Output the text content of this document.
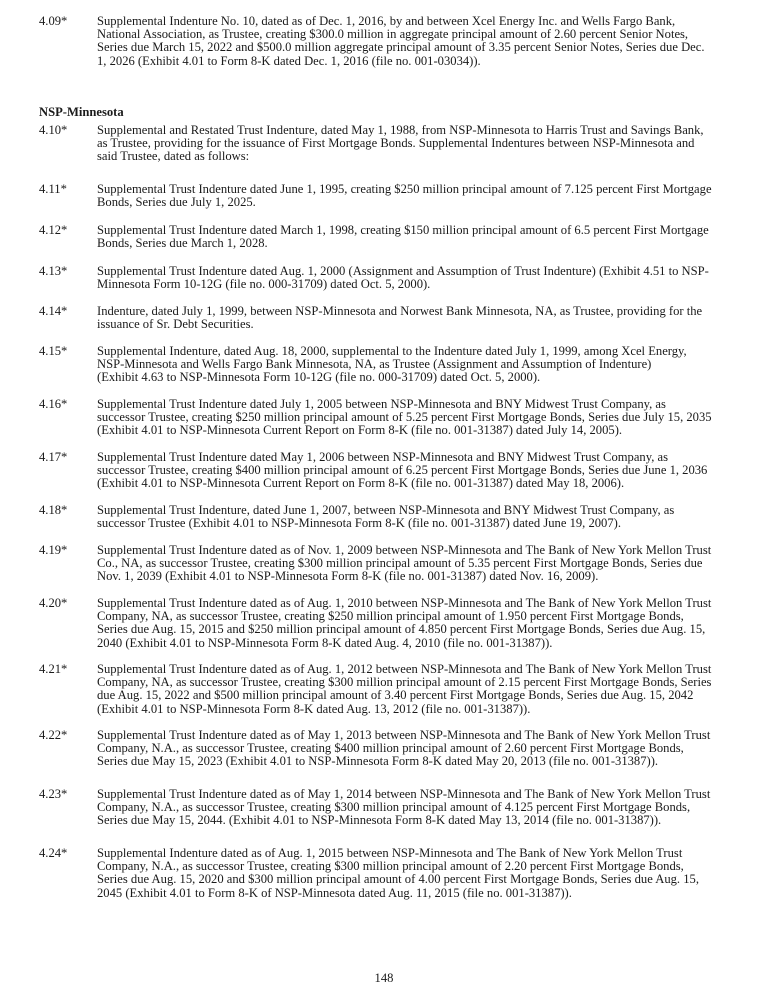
4.09* Supplemental Indenture No. 10, dated as of Dec. 1, 2016, by and between Xcel Energy Inc. and Wells Fargo Bank,
National Association, as Trustee, creating $300.0 million in aggregate principal amount of 2.60 percent Senior Notes,
Series due March 15, 2022 and $500.0 million aggregate principal amount of 3.35 percent Senior Notes, Series due Dec.
1, 2026 (Exhibit 4.01 to Form 8-K dated Dec. 1, 2016 (file no. 001-03034)).
NSP-Minnesota
4.10* Supplemental and Restated Trust Indenture, dated May 1, 1988, from NSP-Minnesota to Harris Trust and Savings Bank,
as Trustee, providing for the issuance of First Mortgage Bonds. Supplemental Indentures between NSP-Minnesota and
said Trustee, dated as follows:
4.11* Supplemental Trust Indenture dated June 1, 1995, creating $250 million principal amount of 7.125 percent First Mortgage
Bonds, Series due July 1, 2025.
4.12* Supplemental Trust Indenture dated March 1, 1998, creating $150 million principal amount of 6.5 percent First Mortgage
Bonds, Series due March 1, 2028.
4.13* Supplemental Trust Indenture dated Aug. 1, 2000 (Assignment and Assumption of Trust Indenture) (Exhibit 4.51 to NSP-
Minnesota Form 10-12G (file no. 000-31709) dated Oct. 5, 2000).
4.14* Indenture, dated July 1, 1999, between NSP-Minnesota and Norwest Bank Minnesota, NA, as Trustee, providing for the
issuance of Sr. Debt Securities.
4.15* Supplemental Indenture, dated Aug. 18, 2000, supplemental to the Indenture dated July 1, 1999, among Xcel Energy,
NSP-Minnesota and Wells Fargo Bank Minnesota, NA, as Trustee (Assignment and Assumption of Indenture)
(Exhibit 4.63 to NSP-Minnesota Form 10-12G (file no. 000-31709) dated Oct. 5, 2000).
4.16* Supplemental Trust Indenture dated July 1, 2005 between NSP-Minnesota and BNY Midwest Trust Company, as
successor Trustee, creating $250 million principal amount of 5.25 percent First Mortgage Bonds, Series due July 15, 2035
(Exhibit 4.01 to NSP-Minnesota Current Report on Form 8-K (file no. 001-31387) dated July 14, 2005).
4.17* Supplemental Trust Indenture dated May 1, 2006 between NSP-Minnesota and BNY Midwest Trust Company, as
successor Trustee, creating $400 million principal amount of 6.25 percent First Mortgage Bonds, Series due June 1, 2036
(Exhibit 4.01 to NSP-Minnesota Current Report on Form 8-K (file no. 001-31387) dated May 18, 2006).
4.18* Supplemental Trust Indenture, dated June 1, 2007, between NSP-Minnesota and BNY Midwest Trust Company, as
successor Trustee (Exhibit 4.01 to NSP-Minnesota Form 8-K (file no. 001-31387) dated June 19, 2007).
4.19* Supplemental Trust Indenture dated as of Nov. 1, 2009 between NSP-Minnesota and The Bank of New York Mellon Trust
Co., NA, as successor Trustee, creating $300 million principal amount of 5.35 percent First Mortgage Bonds, Series due
Nov. 1, 2039 (Exhibit 4.01 to NSP-Minnesota Form 8-K (file no. 001-31387) dated Nov. 16, 2009).
4.20* Supplemental Trust Indenture dated as of Aug. 1, 2010 between NSP-Minnesota and The Bank of New York Mellon Trust
Company, NA, as successor Trustee, creating $250 million principal amount of 1.950 percent First Mortgage Bonds,
Series due Aug. 15, 2015 and $250 million principal amount of 4.850 percent First Mortgage Bonds, Series due Aug. 15,
2040 (Exhibit 4.01 to NSP-Minnesota Form 8-K dated Aug. 4, 2010 (file no. 001-31387)).
4.21* Supplemental Trust Indenture dated as of Aug. 1, 2012 between NSP-Minnesota and The Bank of New York Mellon Trust
Company, NA, as successor Trustee, creating $300 million principal amount of 2.15 percent First Mortgage Bonds, Series
due Aug. 15, 2022 and $500 million principal amount of 3.40 percent First Mortgage Bonds, Series due Aug. 15, 2042
(Exhibit 4.01 to NSP-Minnesota Form 8-K dated Aug. 13, 2012 (file no. 001-31387)).
4.22* Supplemental Trust Indenture dated as of May 1, 2013 between NSP-Minnesota and The Bank of New York Mellon Trust
Company, N.A., as successor Trustee, creating $400 million principal amount of 2.60 percent First Mortgage Bonds,
Series due May 15, 2023 (Exhibit 4.01 to NSP-Minnesota Form 8-K dated May 20, 2013 (file no. 001-31387)).
4.23* Supplemental Trust Indenture dated as of May 1, 2014 between NSP-Minnesota and The Bank of New York Mellon Trust
Company, N.A., as successor Trustee, creating $300 million principal amount of 4.125 percent First Mortgage Bonds,
Series due May 15, 2044. (Exhibit 4.01 to NSP-Minnesota Form 8-K dated May 13, 2014 (file no. 001-31387)).
4.24* Supplemental Indenture dated as of Aug. 1, 2015 between NSP-Minnesota and The Bank of New York Mellon Trust
Company, N.A., as successor Trustee, creating $300 million principal amount of 2.20 percent First Mortgage Bonds,
Series due Aug. 15, 2020 and $300 million principal amount of 4.00 percent First Mortgage Bonds, Series due Aug. 15,
2045 (Exhibit 4.01 to Form 8-K of NSP-Minnesota dated Aug. 11, 2015 (file no. 001-31387)).
148
